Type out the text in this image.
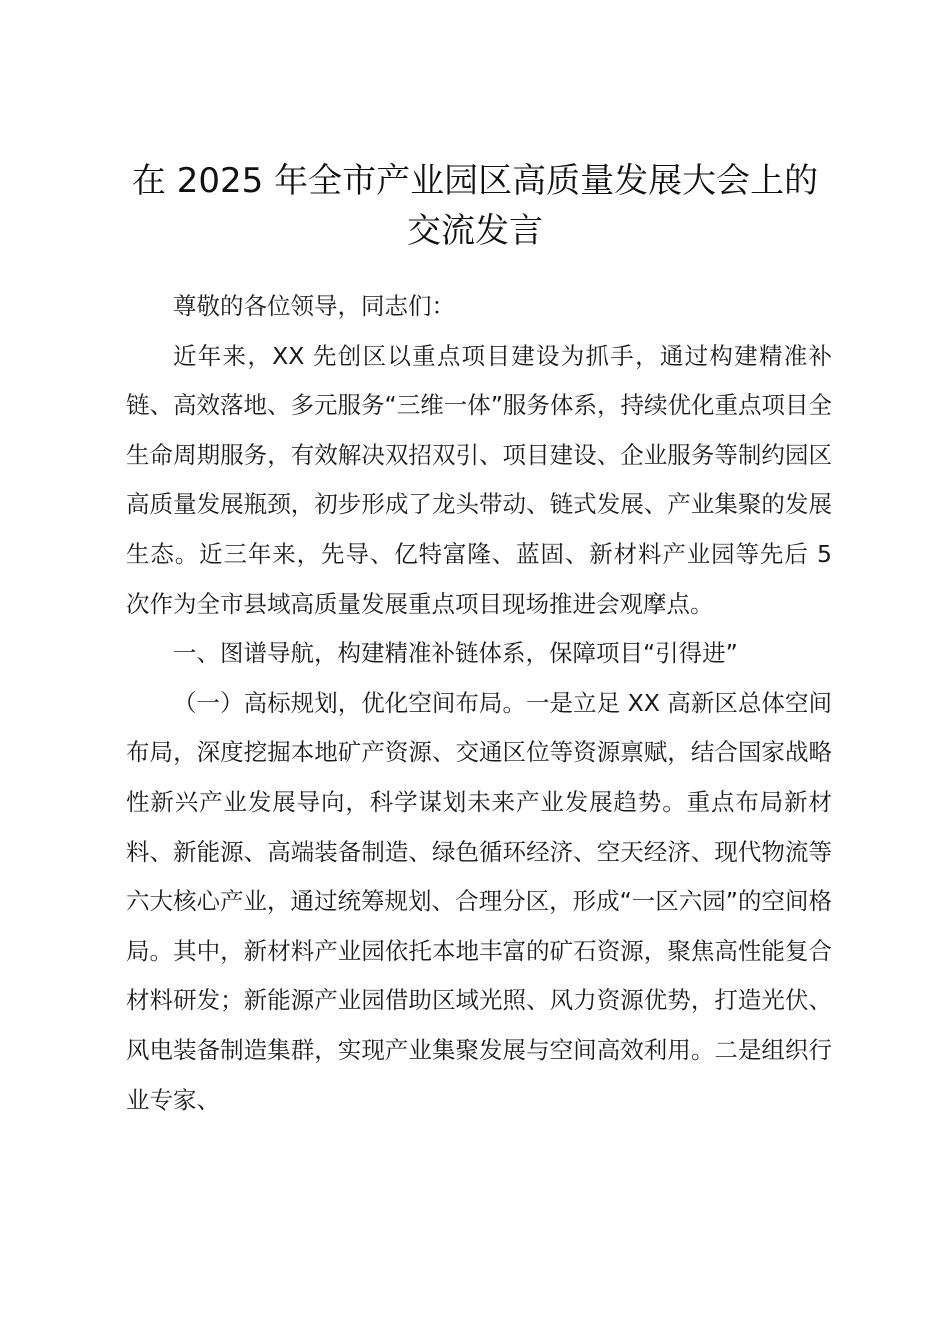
在 2025 年全市产业园区高质量发展大会上的
交流发言

尊敬的各位领导，同志们：

近年来，XX 先创区以重点项目建设为抓手，通过构建精准补链、高效落地、多元服务“三维一体”服务体系，持续优化重点项目全生命周期服务，有效解决双招双引、项目建设、企业服务等制约园区高质量发展瓶颈，初步形成了龙头带动、链式发展、产业集聚的发展生态。近三年来，先导、亿特富隆、蓝固、新材料产业园等先后 5 次作为全市县域高质量发展重点项目现场推进会观摩点。

一、图谱导航，构建精准补链体系，保障项目“引得进”

（一）高标规划，优化空间布局。一是立足 XX 高新区总体空间布局，深度挖掘本地矿产资源、交通区位等资源禀赋，结合国家战略性新兴产业发展导向，科学谋划未来产业发展趋势。重点布局新材料、新能源、高端装备制造、绿色循环经济、空天经济、现代物流等六大核心产业，通过统筹规划、合理分区，形成“一区六园”的空间格局。其中，新材料产业园依托本地丰富的矿石资源，聚焦高性能复合材料研发；新能源产业园借助区域光照、风力资源优势，打造光伏、风电装备制造集群，实现产业集聚发展与空间高效利用。二是组织行业专家、
